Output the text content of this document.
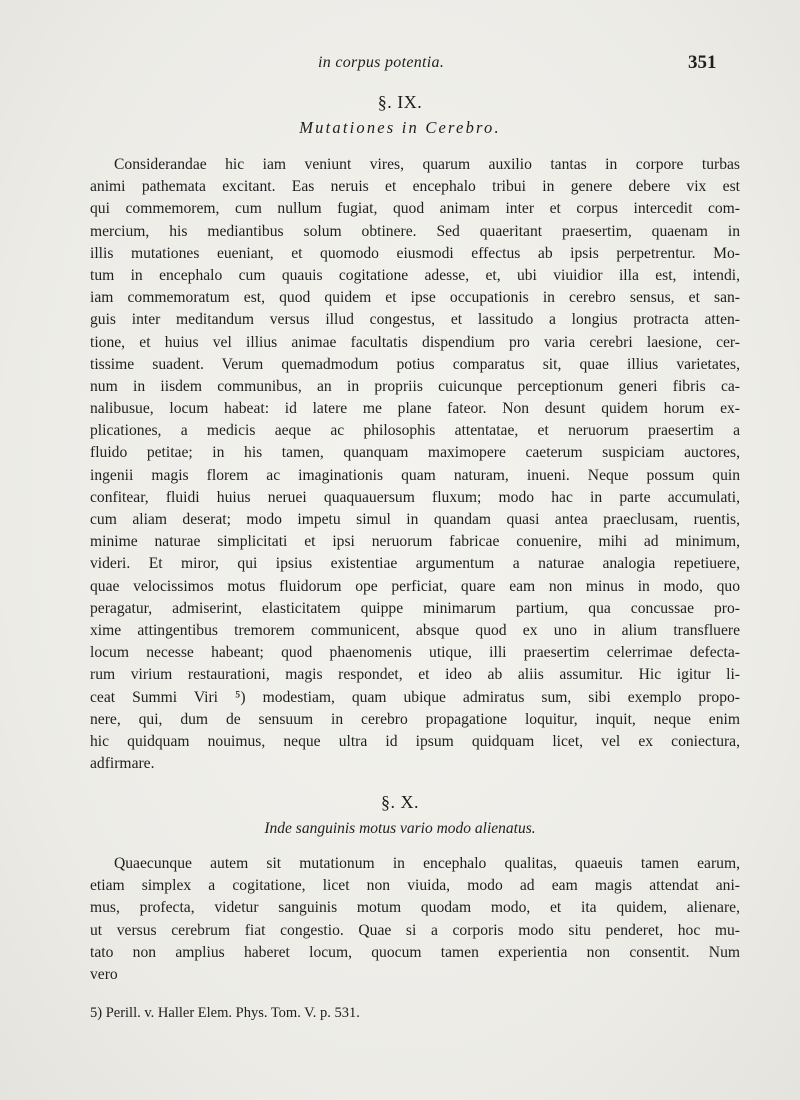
in corpus potentia.	351
§. IX.
Mutationes in Cerebro.
Considerandae hic iam veniunt vires, quarum auxilio tantas in corpore turbas
animi pathemata excitant. Eas neruis et encephalo tribui in genere debere vix est
qui commemorem, cum nullum fugiat, quod animam inter et corpus intercedit com-
mercium, his mediantibus solum obtinere. Sed quaeritant praesertim, quaenam in
illis mutationes eueniant, et quomodo eiusmodi effectus ab ipsis perpetrentur. Mo-
tum in encephalo cum quauis cogitatione adesse, et, ubi viuidior illa est, intendi,
iam commemoratum est, quod quidem et ipse occupationis in cerebro sensus, et san-
guis inter meditandum versus illud congestus, et lassitudo a longius protracta atten-
tione, et huius vel illius animae facultatis dispendium pro varia cerebri laesione, cer-
tissime suadent. Verum quemadmodum potius comparatus sit, quae illius varietates,
num in iisdem communibus, an in propriis cuicunque perceptionum generi fibris ca-
nalibusue, locum habeat: id latere me plane fateor. Non desunt quidem horum ex-
plicationes, a medicis aeque ac philosophis attentatae, et neruorum praesertim a
fluido petitae; in his tamen, quanquam maximopere caeterum suspiciam auctores,
ingenii magis florem ac imaginationis quam naturam, inueni. Neque possum quin
confitear, fluidi huius neruei quaquauersum fluxum; modo hac in parte accumulati,
cum aliam deserat; modo impetu simul in quandam quasi antea praeclusam, ruentis,
minime naturae simplicitati et ipsi neruorum fabricae conuenire, mihi ad minimum,
videri. Et miror, qui ipsius existentiae argumentum a naturae analogia repetiuere,
quae velocissimos motus fluidorum ope perficiat, quare eam non minus in modo, quo
peragatur, admiserint, elasticitatem quippe minimarum partium, qua concussae pro-
xime attingentibus tremorem communicent, absque quod ex uno in alium transfluere
locum necesse habeant; quod phaenomenis utique, illi praesertim celerrimae defecta-
rum virium restaurationi, magis respondet, et ideo ab aliis assumitur. Hic igitur li-
ceat Summi Viri ⁵) modestiam, quam ubique admiratus sum, sibi exemplo propo-
nere, qui, dum de sensuum in cerebro propagatione loquitur, inquit, neque enim
hic quidquam nouimus, neque ultra id ipsum quidquam licet, vel ex coniectura,
adfirmare.
§. X.
Inde sanguinis motus vario modo alienatus.
Quaecunque autem sit mutationum in encephalo qualitas, quaeuis tamen earum,
etiam simplex a cogitatione, licet non viuida, modo ad eam magis attendat ani-
mus, profecta, videtur sanguinis motum quodam modo, et ita quidem, alienare,
ut versus cerebrum fiat congestio. Quae si a corporis modo situ penderet, hoc mu-
tato non amplius haberet locum, quocum tamen experientia non consentit. Num
vero
5) Perill. v. Haller Elem. Phys. Tom. V. p. 531.
